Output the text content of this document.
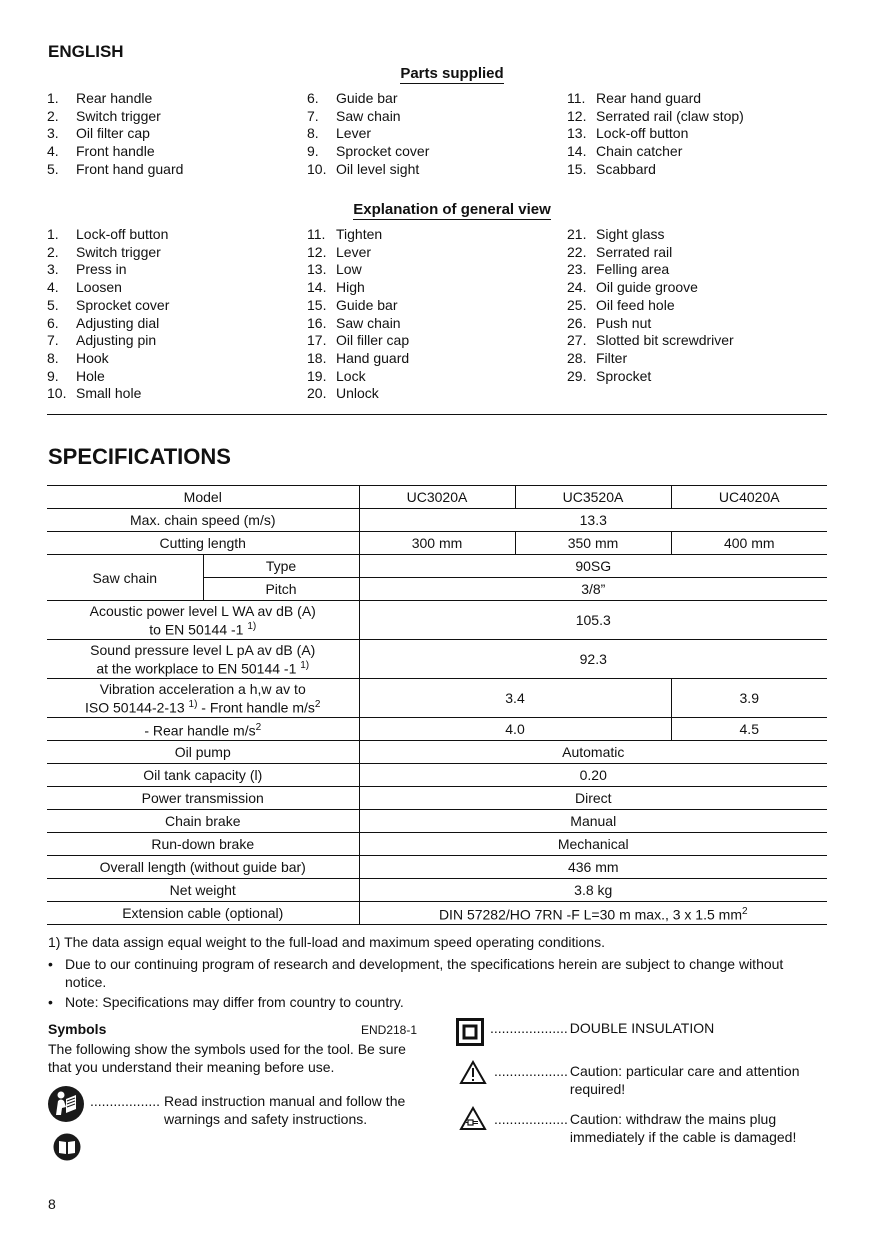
ENGLISH
Parts supplied
1.	Rear handle
2.	Switch trigger
3.	Oil filter cap
4.	Front handle
5.	Front hand guard
6.	Guide bar
7.	Saw chain
8.	Lever
9.	Sprocket cover
10. Oil level sight
11. Rear hand guard
12. Serrated rail (claw stop)
13. Lock-off button
14. Chain catcher
15. Scabbard
Explanation of general view
1.	Lock-off button
2.	Switch trigger
3.	Press in
4.	Loosen
5.	Sprocket cover
6.	Adjusting dial
7.	Adjusting pin
8.	Hook
9.	Hole
10. Small hole
11. Tighten
12. Lever
13. Low
14. High
15. Guide bar
16. Saw chain
17. Oil filler cap
18. Hand guard
19. Lock
20. Unlock
21. Sight glass
22. Serrated rail
23. Felling area
24. Oil guide groove
25. Oil feed hole
26. Push nut
27. Slotted bit screwdriver
28. Filter
29. Sprocket
SPECIFICATIONS
Model		UC3020A	UC3520A	UC4020A
Max. chain speed (m/s)		13.3		
Cutting length		300 mm	350 mm	400 mm
Saw chain	Type	90SG		
	Pitch	3/8”		
Acoustic power level L WA av dB (A)
to EN 50144 -1 $^{1)}$		105.3		
Sound pressure level L pA av dB (A)
at the workplace to EN 50144 -1 $^{1)}$		92.3		
Vibration acceleration a h,w av to
ISO 50144-2-13 $^{1)}$ - Front handle $m/s^2$		3.4		3.9
- Rear handle $m/s^2$		4.0		4.5
Oil pump		Automatic		
Oil tank capacity (l)		0.20		
Power transmission		Direct		
Chain brake		Manual		
Run-down brake		Mechanical		
Overall length (without guide bar)		436 mm		
Net weight		3.8 kg		
Extension cable (optional)		DIN 57282/HO 7RN -F L=30 m max., 3 x 1.5 $mm^2$
1) The data assign equal weight to the full-load and maximum speed operating conditions.
• Due to our continuing program of research and development, the specifications herein are subject to change without notice.
• Note: Specifications may differ from country to country.
Symbols	END218-1
The following show the symbols used for the tool. Be sure that you understand their meaning before use.
.................. Read instruction manual and follow the warnings and safety instructions.
.................... DOUBLE INSULATION
................... Caution: particular care and attention required!
................... Caution: withdraw the mains plug immediately if the cable is damaged!
8
